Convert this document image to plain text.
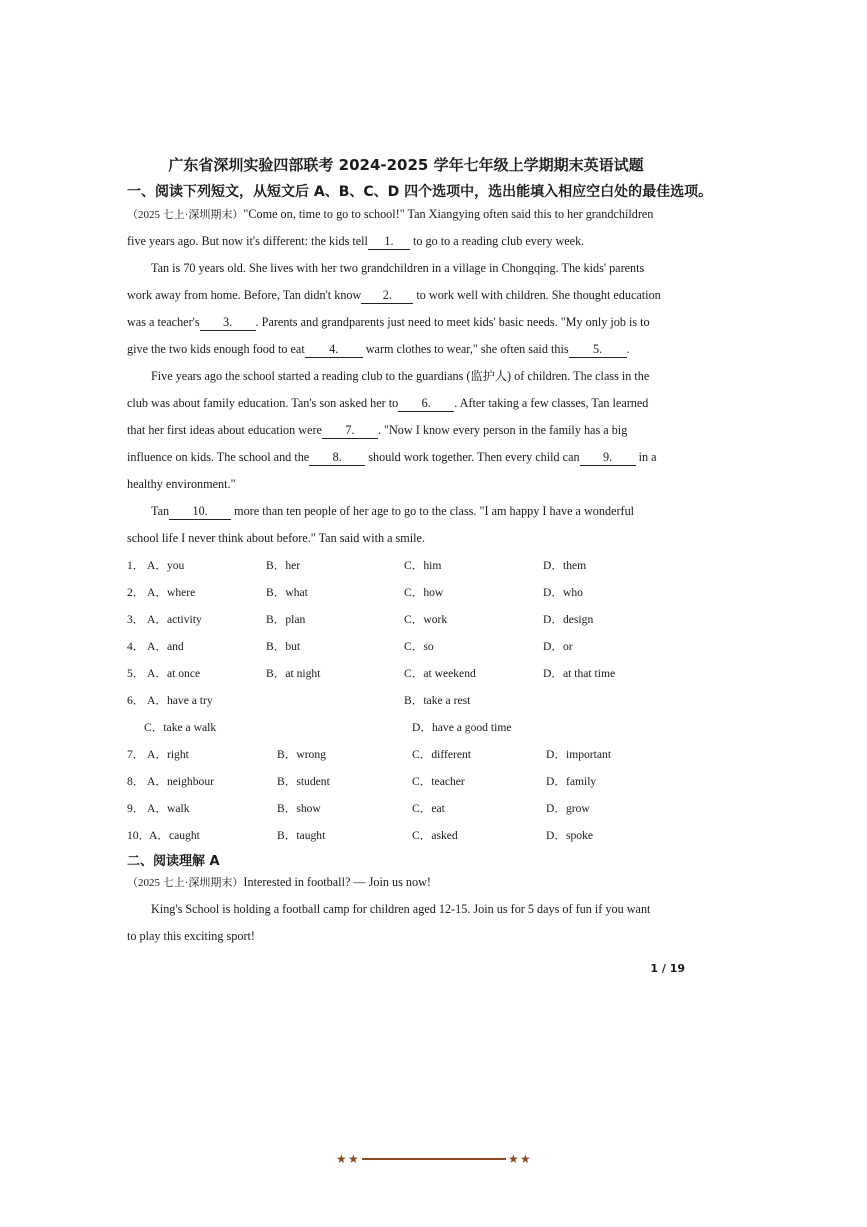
广东省深圳实验四部联考 2024-2025 学年七年级上学期期末英语试题
一、阅读下列短文，从短文后 A、B、C、D 四个选项中，选出能填入相应空白处的最佳选项。
（2025 七上·深圳期末）"Come on, time to go to school!" Tan Xiangying often said this to her grandchildren
five years ago. But now it's different: the kids tell 1. to go to a reading club every week.
Tan is 70 years old. She lives with her two grandchildren in a village in Chongqing. The kids' parents
work away from home. Before, Tan didn't know 2. to work well with children. She thought education
was a teacher's 3. . Parents and grandparents just need to meet kids' basic needs. "My only job is to
give the two kids enough food to eat 4. warm clothes to wear," she often said this 5. .
Five years ago the school started a reading club to the guardians (监护人) of children. The class in the
club was about family education. Tan's son asked her to 6. . After taking a few classes, Tan learned
that her first ideas about education were 7. . "Now I know every person in the family has a big
influence on kids. The school and the 8. should work together. Then every child can 9. in a
healthy environment."
Tan 10. more than ten people of her age to go to the class. "I am happy I have a wonderful
school life I never think about before." Tan said with a smile.
1． A．you	B．her	C．him	D．them
2． A．where	B．what	C．how	D．who
3． A．activity	B．plan	C．work	D．design
4． A．and	B．but	C．so	D．or
5． A．at once	B．at night	C．at weekend	D．at that time
6． A．have a try	B．take a rest
C．take a walk	D．have a good time
7． A．right	B．wrong	C．different	D．important
8． A．neighbour	B．student	C．teacher	D．family
9． A．walk	B．show	C．eat	D．grow
10．
A．caught	B．taught	C．asked	D．spoke
二、阅读理解 A
（2025 七上·深圳期末）Interested in football? — Join us now!
King's School is holding a football camp for children aged 12-15. Join us for 5 days of fun if you want
to play this exciting sport!
1 / 19
★ ★	★ ★
